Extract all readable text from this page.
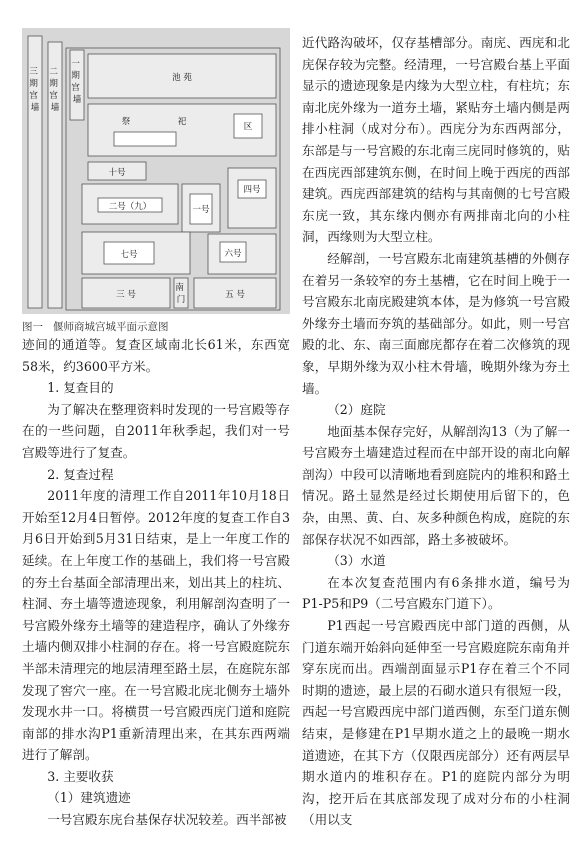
三 期 宫 墙
二 期 宫 墙
一 期 宫 墙
池 苑
祭	祀	区
十号
二号（九）	一号
四号
七号	六号
三 号	五 号
南 门

图一 偃师商城宫城平面示意图

迹间的通道等。复查区域南北长61米，东西宽58米，约3600平方米。

1. 复查目的

为了解决在整理资料时发现的一号宫殿等存在的一些问题，自2011年秋季起，我们对一号宫殿等进行了复查。

2. 复查过程

2011年度的清理工作自2011年10月18日开始至12月4日暂停。2012年度的复查工作自3月6日开始到5月31日结束，是上一年度工作的延续。在上年度工作的基础上，我们将一号宫殿的夯土台基面全部清理出来，划出其上的柱坑、柱洞、夯土墙等遗迹现象，利用解剖沟查明了一号宫殿外缘夯土墙等的建造程序，确认了外缘夯土墙内侧双排小柱洞的存在。将一号宫殿庭院东半部未清理完的地层清理至路土层，在庭院东部发现了窖穴一座。在一号宫殿北庑北侧夯土墙外发现水井一口。将横贯一号宫殿西庑门道和庭院南部的排水沟P1重新清理出来，在其东西两端进行了解剖。

3. 主要收获

（1）建筑遗迹

一号宫殿东庑台基保存状况较差。西半部被

近代路沟破坏，仅存基槽部分。南庑、西庑和北庑保存较为完整。经清理，一号宫殿台基上平面显示的遗迹现象是内缘为大型立柱，有柱坑；东南北庑外缘为一道夯土墙，紧贴夯土墙内侧是两排小柱洞（成对分布）。西庑分为东西两部分，东部是与一号宫殿的东北南三庑同时修筑的，贴在西庑西部建筑东侧，在时间上晚于西庑的西部建筑。西庑西部建筑的结构与其南侧的七号宫殿东庑一致，其东缘内侧亦有两排南北向的小柱洞，西缘则为大型立柱。

经解剖，一号宫殿东北南建筑基槽的外侧存在着另一条较窄的夯土基槽，它在时间上晚于一号宫殿东北南庑殿建筑本体，是为修筑一号宫殿外缘夯土墙而夯筑的基础部分。如此，则一号宫殿的北、东、南三面廊庑都存在着二次修筑的现象，早期外缘为双小柱木骨墙，晚期外缘为夯土墙。

（2）庭院

地面基本保存完好，从解剖沟13（为了解一号宫殿夯土墙建造过程而在中部开设的南北向解剖沟）中段可以清晰地看到庭院内的堆积和路土情况。路土显然是经过长期使用后留下的，色杂，由黑、黄、白、灰多种颜色构成，庭院的东部保存状况不如西部，路土多被破坏。

（3）水道

在本次复查范围内有6条排水道，编号为P1-P5和P9（二号宫殿东门道下）。

P1西起一号宫殿西庑中部门道的西侧，从门道东端开始斜向延伸至一号宫殿庭院东南角并穿东庑而出。西端剖面显示P1存在着三个不同时期的遗迹，最上层的石砌水道只有很短一段，西起一号宫殿西庑中部门道西侧，东至门道东侧结束，是修建在P1早期水道之上的最晚一期水道遗迹，在其下方（仅限西庑部分）还有两层早期水道内的堆积存在。P1的庭院内部分为明沟，挖开后在其底部发现了成对分布的小柱洞（用以支
